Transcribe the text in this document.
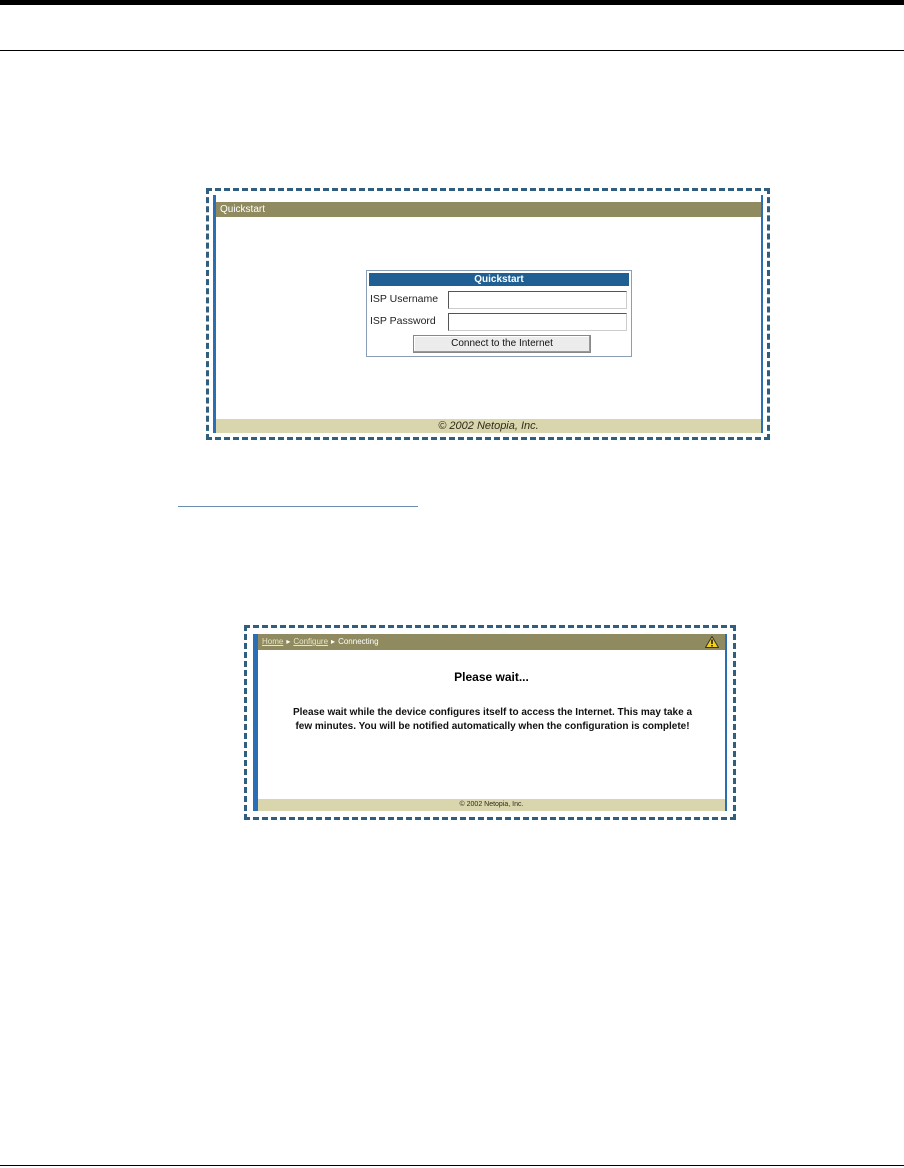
Quickstart
Quickstart
ISP Username
ISP Password
Connect to the Internet
© 2002 Netopia, Inc.
Home ▸ Configure ▸ Connecting
Please wait...
Please wait while the device configures itself to access the Internet. This may take a
few minutes. You will be notified automatically when the configuration is complete!
© 2002 Netopia, Inc.
